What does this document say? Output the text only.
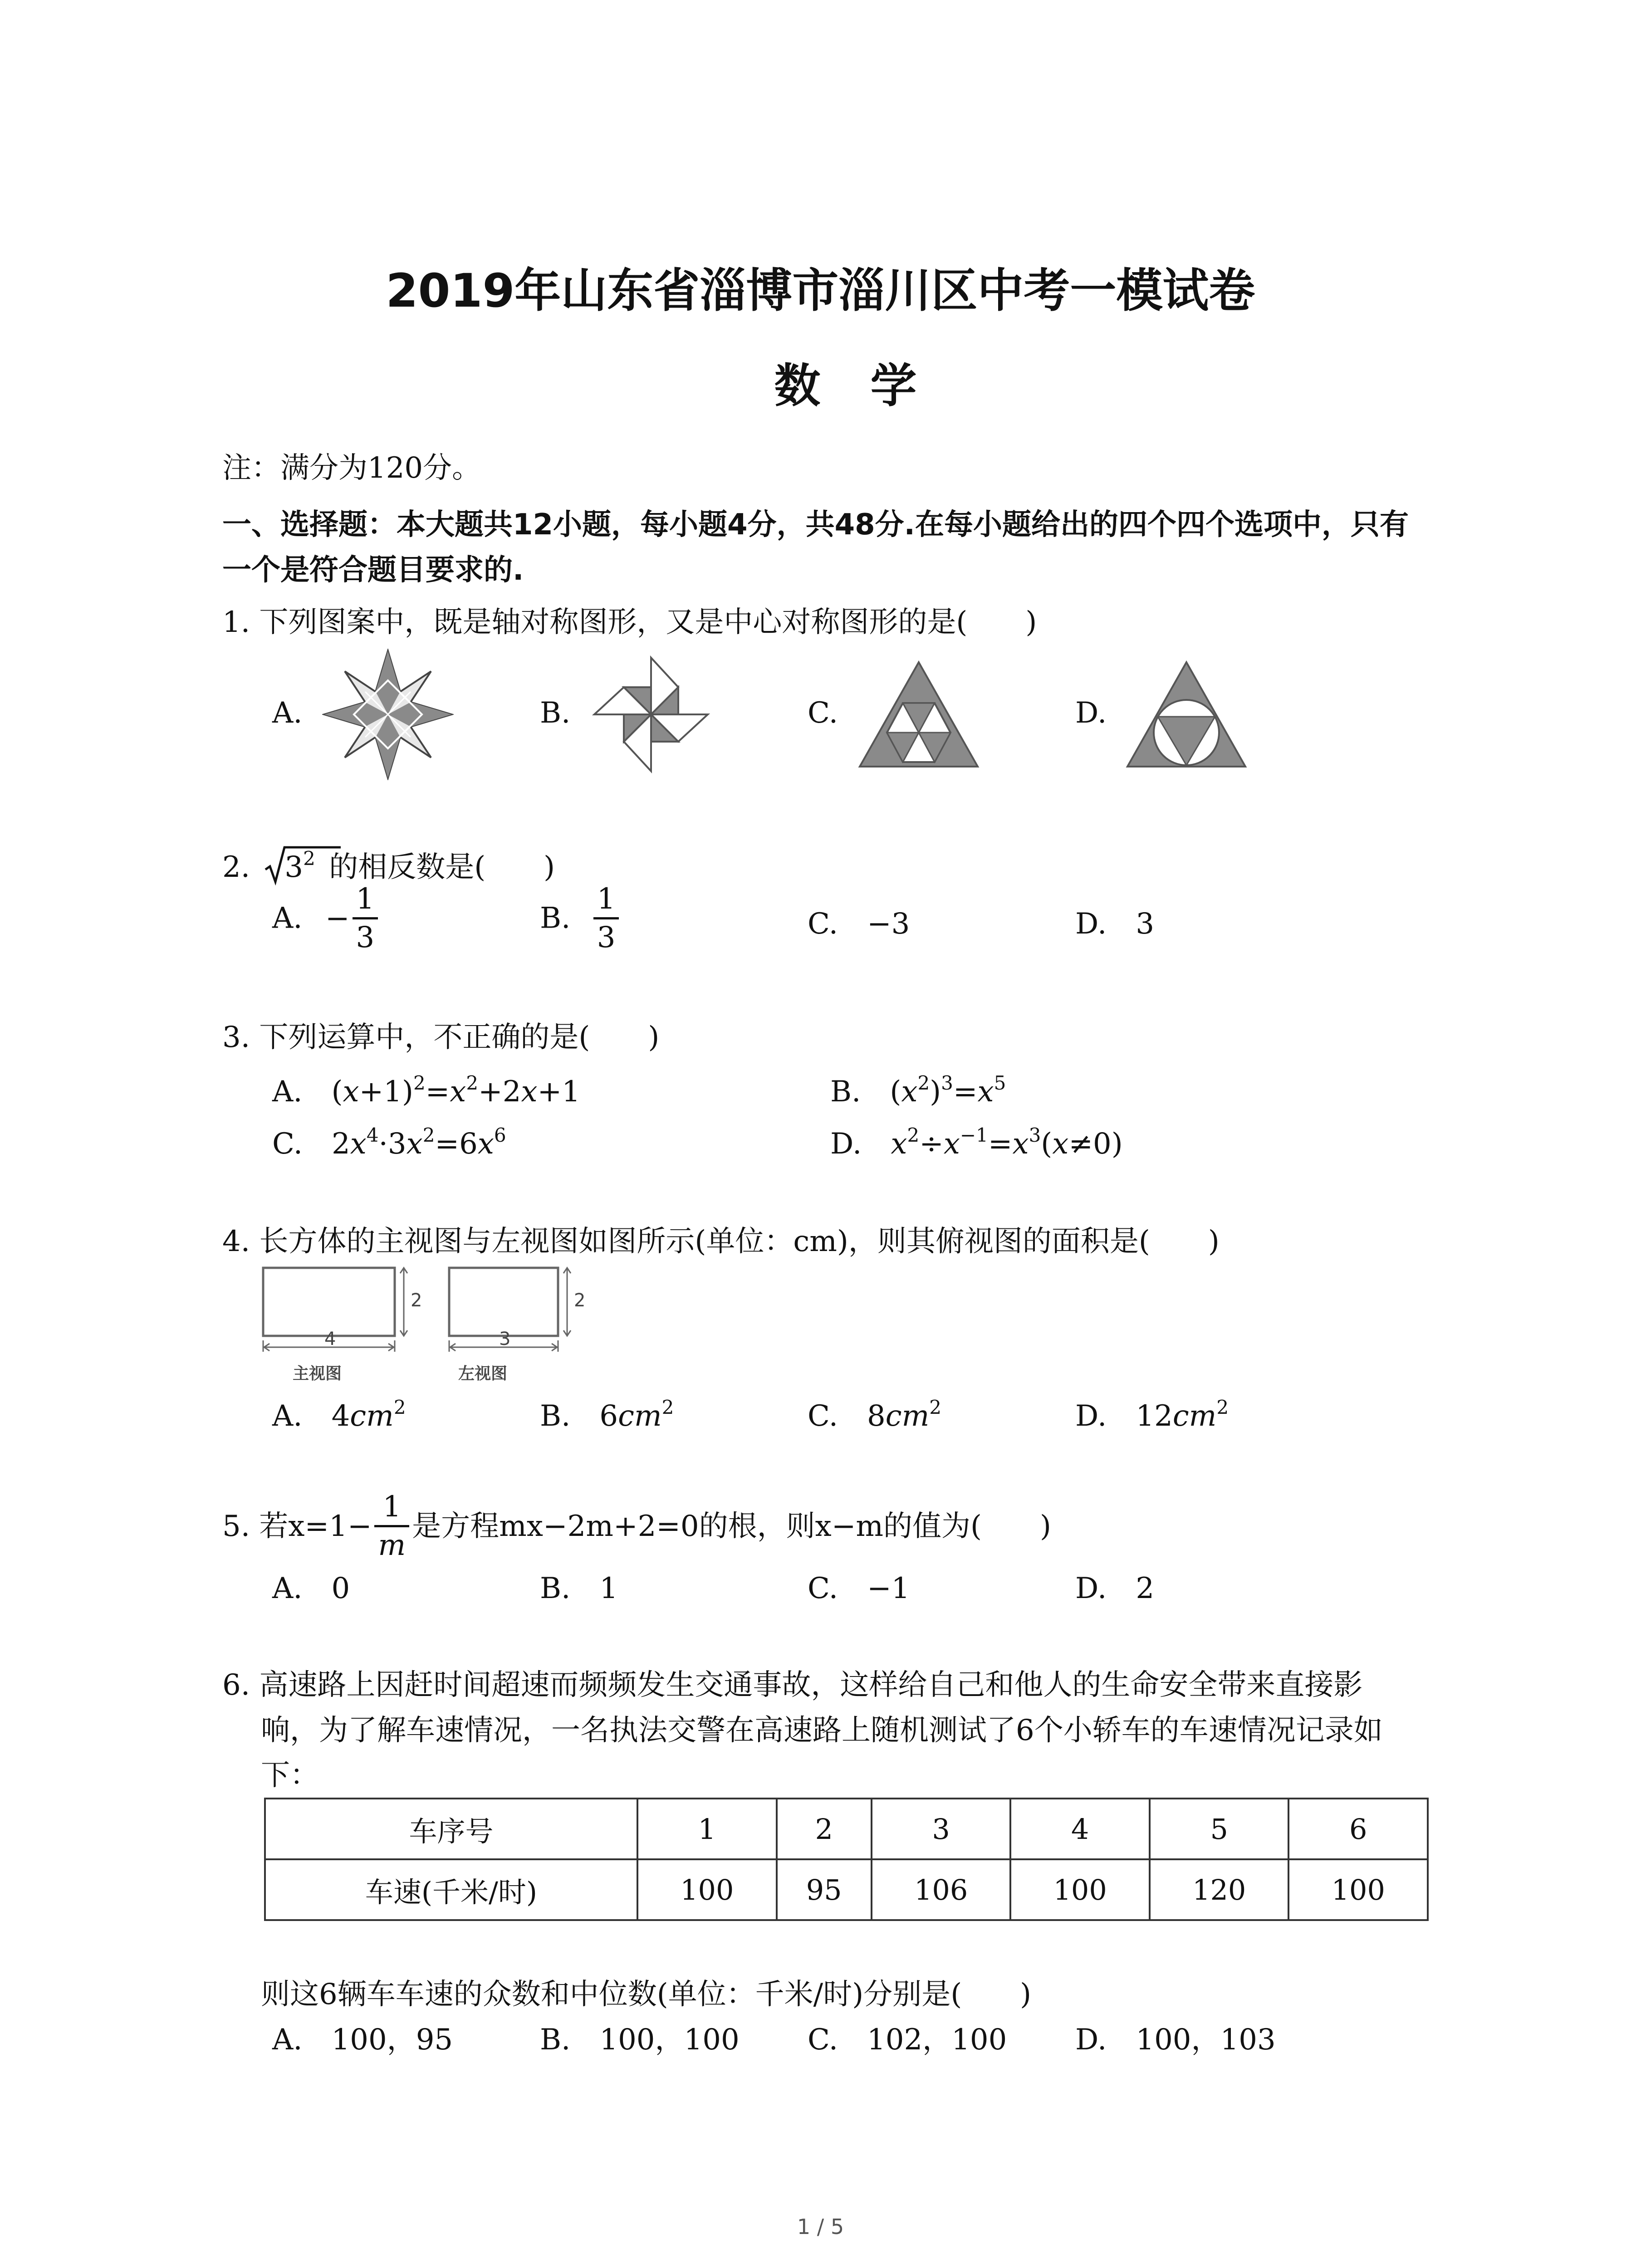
2019年山东省淄博市淄川区中考一模试卷
数学
注：满分为120分。
一、选择题：本大题共12小题，每小题4分，共48分.在每小题给出的四个四个选项中，只有
一个是符合题目要求的.
1. 下列图案中，既是轴对称图形，又是中心对称图形的是(　　)
A.	B.	C.	D.
2. $3^2$ 的相反数是(　　)
A. − $\frac{1}{3}$	B. $\frac{1}{3}$	C.　−3	D.　3
3. 下列运算中，不正确的是(　　)
A.　$(x+1)^2=x^2+2x+1$	B.　$(x^2)^3=x^5$
C.　$2x^4\cdot 3x^2=6x^6$	D.　 $x^2\div x^{-1}=x^3(x\ne 0)$
4. 长方体的主视图与左视图如图所示(单位：cm)，则其俯视图的面积是(　　)
2
4
主视图
2
3
左视图
A.　 $4cm^2$	B.　 $6cm^2$	C.　 $8cm^2$	D.　 $12cm^2$
5. 若$x=1- \frac{1}{m}$ 是方程mx−2m+2=0的根，则x−m的值为(　　)
A.　0	B.　1	C.　−1	D.　2
6. 高速路上因赶时间超速而频频发生交通事故，这样给自己和他人的生命安全带来直接影
响，为了解车速情况，一名执法交警在高速路上随机测试了6个小轿车的车速情况记录如
下：
车序号	1	2	3	4	5	6
车速(千米/时)	100	95	106	100	120	100
则这6辆车车速的众数和中位数(单位：千米/时)分别是(　　)
A.　100，95	B.　100，100 C.　102，100 D.　100，103
1 / 5
